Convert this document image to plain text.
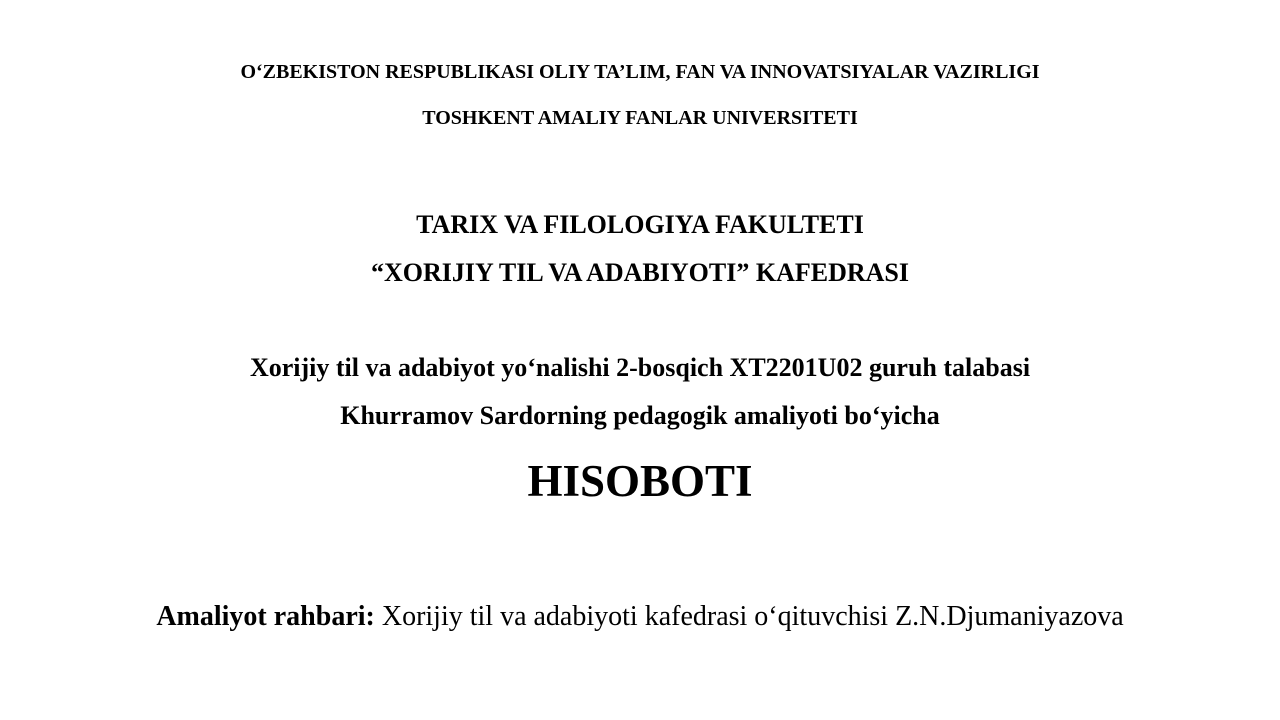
O‘ZBEKISTON RESPUBLIKASI OLIY TA’LIM, FAN VA INNOVATSIYALAR VAZIRLIGI
TOSHKENT AMALIY FANLAR UNIVERSITETI
TARIX VA FILOLOGIYA FAKULTETI
“XORIJIY TIL VA ADABIYOTI” KAFEDRASI
Xorijiy til va adabiyot yo‘nalishi 2-bosqich XT2201U02 guruh talabasi
Khurramov Sardorning pedagogik amaliyoti bo‘yicha
HISOBOTI
Amaliyot rahbari: Xorijiy til va adabiyoti kafedrasi o‘qituvchisi Z.N.Djumaniyazova
